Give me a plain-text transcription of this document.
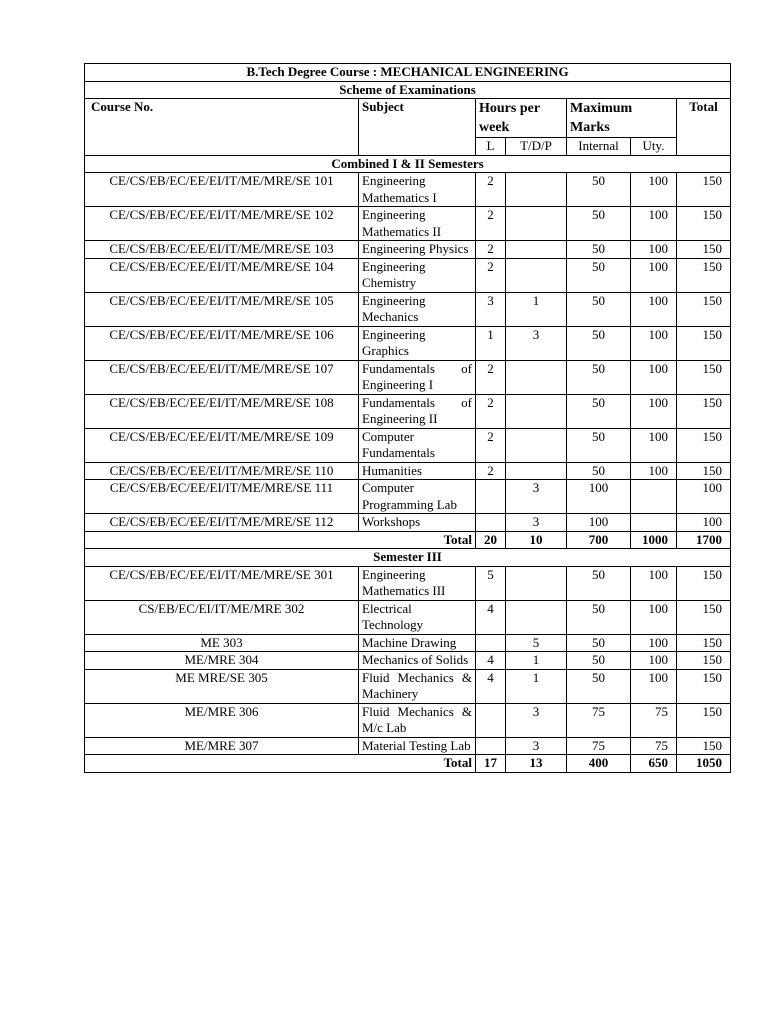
B.Tech Degree Course : MECHANICAL ENGINEERING						
Scheme of Examinations						
Course No.	Subject	Hours per week		Maximum Marks		Total
		L	T/D/P	Internal	Uty.	
Combined I & II Semesters						
CE/CS/EB/EC/EE/EI/IT/ME/MRE/SE 101	Engineering Mathematics I	2		50	100	150
CE/CS/EB/EC/EE/EI/IT/ME/MRE/SE 102	Engineering Mathematics II	2		50	100	150
CE/CS/EB/EC/EE/EI/IT/ME/MRE/SE 103	Engineering Physics	2		50	100	150
CE/CS/EB/EC/EE/EI/IT/ME/MRE/SE 104	Engineering Chemistry	2		50	100	150
CE/CS/EB/EC/EE/EI/IT/ME/MRE/SE 105	Engineering Mechanics	3	1	50	100	150
CE/CS/EB/EC/EE/EI/IT/ME/MRE/SE 106	Engineering Graphics	1	3	50	100	150
CE/CS/EB/EC/EE/EI/IT/ME/MRE/SE 107	Fundamentals of Engineering I	2		50	100	150
CE/CS/EB/EC/EE/EI/IT/ME/MRE/SE 108	Fundamentals of Engineering II	2		50	100	150
CE/CS/EB/EC/EE/EI/IT/ME/MRE/SE 109	Computer Fundamentals	2		50	100	150
CE/CS/EB/EC/EE/EI/IT/ME/MRE/SE 110	Humanities	2		50	100	150
CE/CS/EB/EC/EE/EI/IT/ME/MRE/SE 111	Computer Programming Lab		3	100		100
CE/CS/EB/EC/EE/EI/IT/ME/MRE/SE 112	Workshops		3	100		100
Total		20	10	700	1000	1700
Semester III						
CE/CS/EB/EC/EE/EI/IT/ME/MRE/SE 301	Engineering Mathematics III	5		50	100	150
CS/EB/EC/EI/IT/ME/MRE 302	Electrical Technology	4		50	100	150
ME 303	Machine Drawing		5	50	100	150
ME/MRE 304	Mechanics of Solids	4	1	50	100	150
ME MRE/SE 305	Fluid Mechanics & Machinery	4	1	50	100	150
ME/MRE 306	Fluid Mechanics & M/c Lab		3	75	75	150
ME/MRE 307	Material Testing Lab		3	75	75	150
Total		17	13	400	650	1050
